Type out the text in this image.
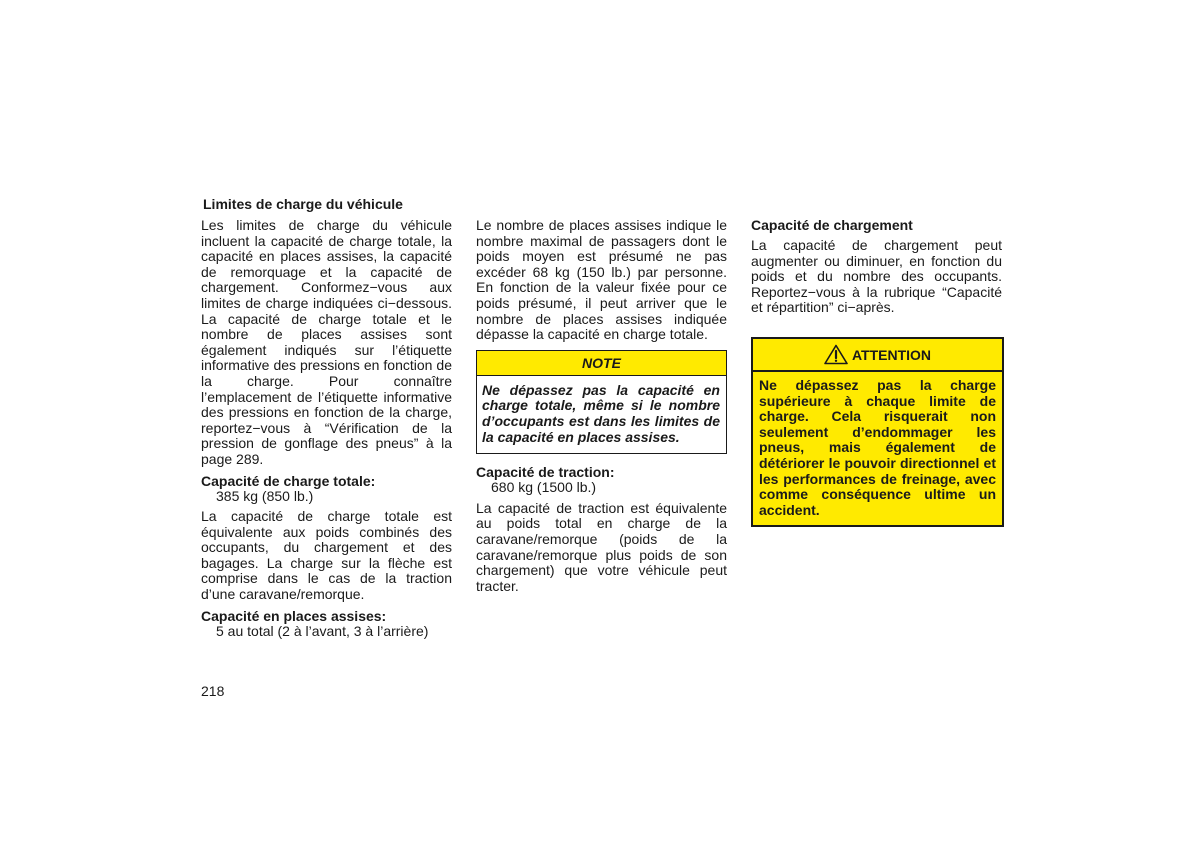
Limites de charge du véhicule

Les limites de charge du véhicule incluent la capacité de charge totale, la capacité en places assises, la capacité de remorquage et la capacité de chargement. Conformez−vous aux limites de charge indiquées ci−dessous. La capacité de charge totale et le nombre de places assises sont également indiqués sur l’étiquette informative des pressions en fonction de la charge. Pour connaître l’emplacement de l’étiquette informative des pressions en fonction de la charge, reportez−vous à “Vérification de la pression de gonflage des pneus” à la page 289.

Capacité de charge totale:

385 kg (850 lb.)

La capacité de charge totale est équivalente aux poids combinés des occupants, du chargement et des bagages. La charge sur la flèche est comprise dans le cas de la traction d’une caravane/remorque.

Capacité en places assises:

5 au total (2 à l’avant, 3 à l’arrière)

Le nombre de places assises indique le nombre maximal de passagers dont le poids moyen est présumé ne pas excéder 68 kg (150 lb.) par personne. En fonction de la valeur fixée pour ce poids présumé, il peut arriver que le nombre de places assises indiquée dépasse la capacité en charge totale.

NOTE
Ne dépassez pas la capacité en charge totale, même si le nombre d’occupants est dans les limites de la capacité en places assises.
Capacité de traction:

680 kg (1500 lb.)

La capacité de traction est équivalente au poids total en charge de la caravane/remorque (poids de la caravane/remorque plus poids de son chargement) que votre véhicule peut tracter.

Capacité de chargement

La capacité de chargement peut augmenter ou diminuer, en fonction du poids et du nombre des occupants. Reportez−vous à la rubrique “Capacité et répartition” ci−après.

ATTENTION
Ne dépassez pas la charge supérieure à chaque limite de charge. Cela risquerait non seulement d’endommager les pneus, mais également de détériorer le pouvoir directionnel et les performances de freinage, avec comme conséquence ultime un accident.
218
